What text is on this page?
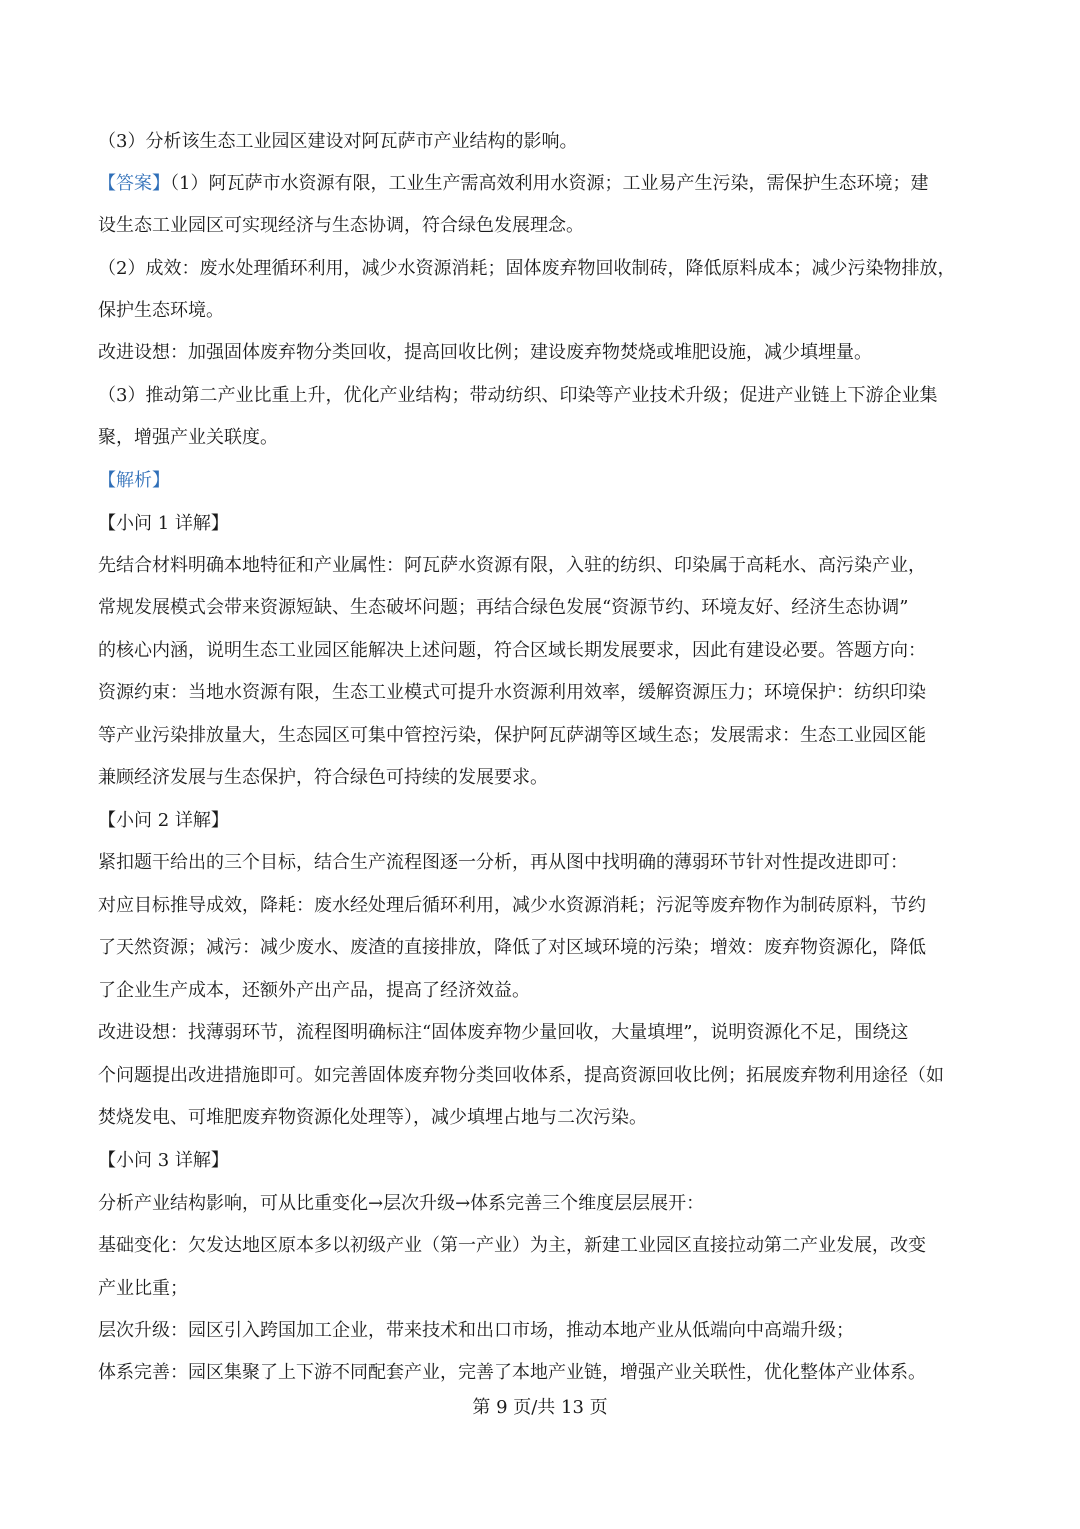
（3）分析该生态工业园区建设对阿瓦萨市产业结构的影响。
【答案】（1）阿瓦萨市水资源有限，工业生产需高效利用水资源；工业易产生污染，需保护生态环境；建
设生态工业园区可实现经济与生态协调，符合绿色发展理念。
（2）成效：废水处理循环利用，减少水资源消耗；固体废弃物回收制砖，降低原料成本；减少污染物排放，
保护生态环境。
改进设想：加强固体废弃物分类回收，提高回收比例；建设废弃物焚烧或堆肥设施，减少填埋量。
（3）推动第二产业比重上升，优化产业结构；带动纺织、印染等产业技术升级；促进产业链上下游企业集
聚，增强产业关联度。
【解析】
【小问 1 详解】
先结合材料明确本地特征和产业属性：阿瓦萨水资源有限，入驻的纺织、印染属于高耗水、高污染产业，
常规发展模式会带来资源短缺、生态破坏问题；再结合绿色发展“资源节约、环境友好、经济生态协调”
的核心内涵，说明生态工业园区能解决上述问题，符合区域长期发展要求，因此有建设必要。答题方向：
资源约束：当地水资源有限，生态工业模式可提升水资源利用效率，缓解资源压力；环境保护：纺织印染
等产业污染排放量大，生态园区可集中管控污染，保护阿瓦萨湖等区域生态；发展需求：生态工业园区能
兼顾经济发展与生态保护，符合绿色可持续的发展要求。
【小问 2 详解】
紧扣题干给出的三个目标，结合生产流程图逐一分析，再从图中找明确的薄弱环节针对性提改进即可：
对应目标推导成效，降耗：废水经处理后循环利用，减少水资源消耗；污泥等废弃物作为制砖原料，节约
了天然资源；减污：减少废水、废渣的直接排放，降低了对区域环境的污染；增效：废弃物资源化，降低
了企业生产成本，还额外产出产品，提高了经济效益。
改进设想：找薄弱环节，流程图明确标注“固体废弃物少量回收，大量填埋”，说明资源化不足，围绕这
个问题提出改进措施即可。如完善固体废弃物分类回收体系，提高资源回收比例；拓展废弃物利用途径（如
焚烧发电、可堆肥废弃物资源化处理等），减少填埋占地与二次污染。
【小问 3 详解】
分析产业结构影响，可从比重变化→层次升级→体系完善三个维度层层展开：
基础变化：欠发达地区原本多以初级产业（第一产业）为主，新建工业园区直接拉动第二产业发展，改变
产业比重；
层次升级：园区引入跨国加工企业，带来技术和出口市场，推动本地产业从低端向中高端升级；
体系完善：园区集聚了上下游不同配套产业，完善了本地产业链，增强产业关联性，优化整体产业体系。
第 9 页/共 13 页
